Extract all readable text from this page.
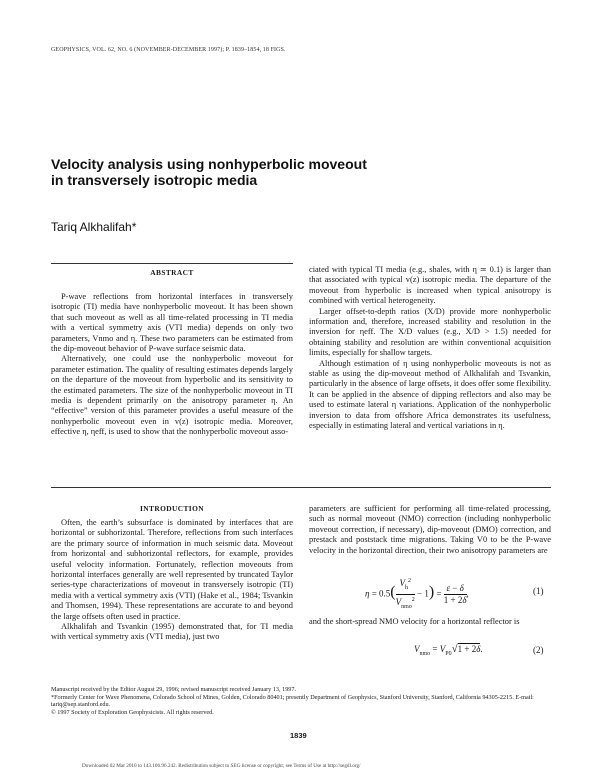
GEOPHYSICS, VOL. 62, NO. 6 (NOVEMBER-DECEMBER 1997); P. 1839–1854, 18 FIGS.
Velocity analysis using nonhyperbolic moveout
in transversely isotropic media
Tariq Alkhalifah*
ABSTRACT

P-wave reflections from horizontal interfaces in transversely isotropic (TI) media have nonhyperbolic moveout. It has been shown that such moveout as well as all time-related processing in TI media with a vertical symmetry axis (VTI media) depends on only two parameters, Vnmo and η. These two parameters can be estimated from the dip-moveout behavior of P-wave surface seismic data.

Alternatively, one could use the nonhyperbolic moveout for parameter estimation. The quality of resulting estimates depends largely on the departure of the moveout from hyperbolic and its sensitivity to the estimated parameters. The size of the nonhyperbolic moveout in TI media is dependent primarily on the anisotropy parameter η. An “effective” version of this parameter provides a useful measure of the nonhyperbolic moveout even in v(z) isotropic media. Moreover, effective η, ηeff, is used to show that the nonhyperbolic moveout asso-

ciated with typical TI media (e.g., shales, with η ≃ 0.1) is larger than that associated with typical v(z) isotropic media. The departure of the moveout from hyperbolic is increased when typical anisotropy is combined with vertical heterogeneity.

Larger offset-to-depth ratios (X/D) provide more nonhyperbolic information and, therefore, increased stability and resolution in the inversion for ηeff. The X/D values (e.g., X/D > 1.5) needed for obtaining stability and resolution are within conventional acquisition limits, especially for shallow targets.

Although estimation of η using nonhyperbolic moveouts is not as stable as using the dip-moveout method of Alkhalifah and Tsvankin, particularly in the absence of large offsets, it does offer some flexibility. It can be applied in the absence of dipping reflectors and also may be used to estimate lateral η variations. Application of the nonhyperbolic inversion to data from offshore Africa demonstrates its usefulness, especially in estimating lateral and vertical variations in η.

INTRODUCTION

Often, the earth’s subsurface is dominated by interfaces that are horizontal or subhorizontal. Therefore, reflections from such interfaces are the primary source of information in much seismic data. Moveout from horizontal and subhorizontal reflectors, for example, provides useful velocity information. Fortunately, reflection moveouts from horizontal interfaces generally are well represented by truncated Taylor series-type characterizations of moveout in transversely isotropic (TI) media with a vertical symmetry axis (VTI) (Hake et al., 1984; Tsvankin and Thomsen, 1994). These representations are accurate to and beyond the large offsets often used in practice.

Alkhalifah and Tsvankin (1995) demonstrated that, for TI media with vertical symmetry axis (VTI media), just two

parameters are sufficient for performing all time-related processing, such as normal moveout (NMO) correction (including nonhyperbolic moveout correction, if necessary), dip-moveout (DMO) correction, and prestack and poststack time migrations. Taking V0 to be the P-wave velocity in the horizontal direction, their two anisotropy parameters are

$\eta = 0.5( \frac{V_h^2}{V_{nmo}^2} - 1) = \frac{\varepsilon - \delta}{1 + 2\delta}$ ,	(1)

and the short-spread NMO velocity for a horizontal reflector is

$V_{nmo} = V_{P0}√1 + 2\delta$.	(2)
Manuscript received by the Editor August 29, 1996; revised manuscript received January 13, 1997.
*Formerly Center for Wave Phenomena, Colorado School of Mines, Golden, Colorado 80401; presently Department of Geophysics, Stanford University, Stanford, California 94305-2215. E-mail: tariq@sep.stanford.edu.
© 1997 Society of Exploration Geophysicists. All rights reserved.
1839
Downloaded 02 Mar 2010 to 143.106.96.242. Redistribution subject to SEG license or copyright; see Terms of Use at http://segdl.org/
